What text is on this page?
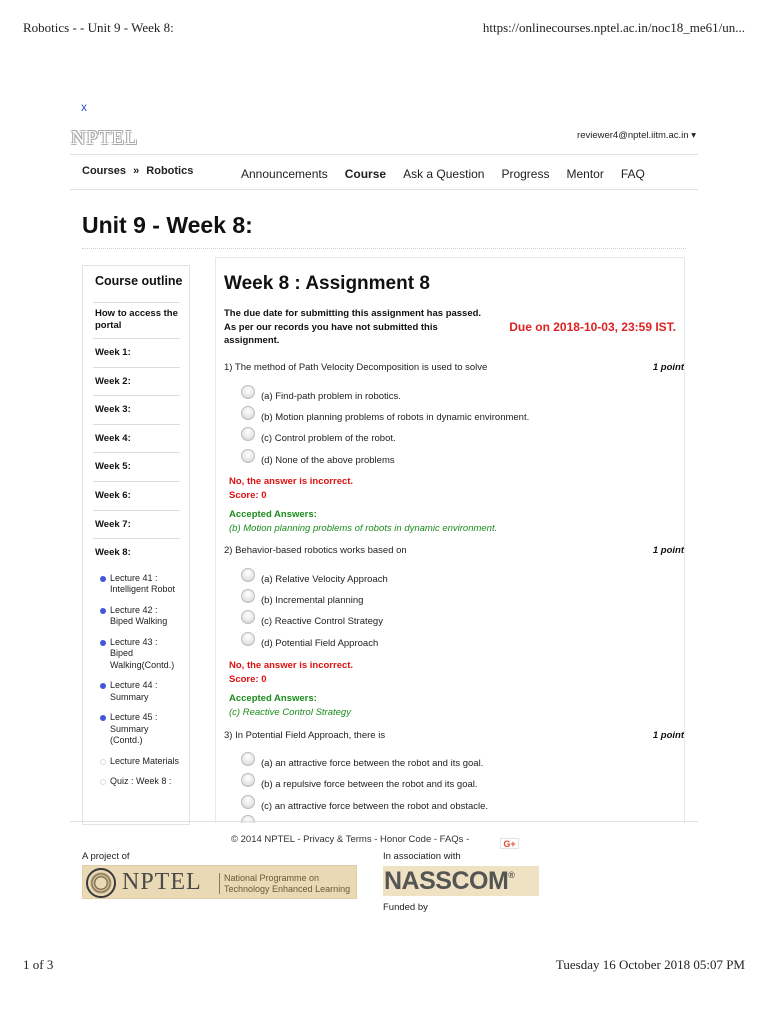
Robotics - - Unit 9 - Week 8:	https://onlinecourses.nptel.ac.in/noc18_me61/un...
x
NPTEL	reviewer4@nptel.iitm.ac.in ▾
Courses » Robotics	Announcements Course Ask a Question Progress Mentor FAQ
Unit 9 - Week 8:
Course outline
How to access the portal
Week 1:
Week 2:
Week 3:
Week 4:
Week 5:
Week 6:
Week 7:
Week 8:
Lecture 41 : Intelligent Robot
Lecture 42 : Biped Walking
Lecture 43 : Biped Walking(Contd.)
Lecture 44 : Summary
Lecture 45 : Summary (Contd.)
Lecture Materials
Quiz : Week 8 :
Week 8 : Assignment 8
The due date for submitting this assignment has passed. As per our records you have not submitted this assignment.
Due on 2018-10-03, 23:59 IST.
1) The method of Path Velocity Decomposition is used to solve	1 point
(a) Find-path problem in robotics.
(b) Motion planning problems of robots in dynamic environment.
(c) Control problem of the robot.
(d) None of the above problems
No, the answer is incorrect.
Score: 0
Accepted Answers:
(b) Motion planning problems of robots in dynamic environment.
2) Behavior-based robotics works based on	1 point
(a) Relative Velocity Approach
(b) Incremental planning
(c) Reactive Control Strategy
(d) Potential Field Approach
No, the answer is incorrect.
Score: 0
Accepted Answers:
(c) Reactive Control Strategy
3) In Potential Field Approach, there is	1 point
(a) an attractive force between the robot and its goal.
(b) a repulsive force between the robot and its goal.
(c) an attractive force between the robot and obstacle.
© 2014 NPTEL - Privacy & Terms - Honor Code - FAQs -	G+
A project of
NPTEL National Programme on Technology Enhanced Learning
In association with
NASSCOM®
Funded by
1 of 3	Tuesday 16 October 2018 05:07 PM
